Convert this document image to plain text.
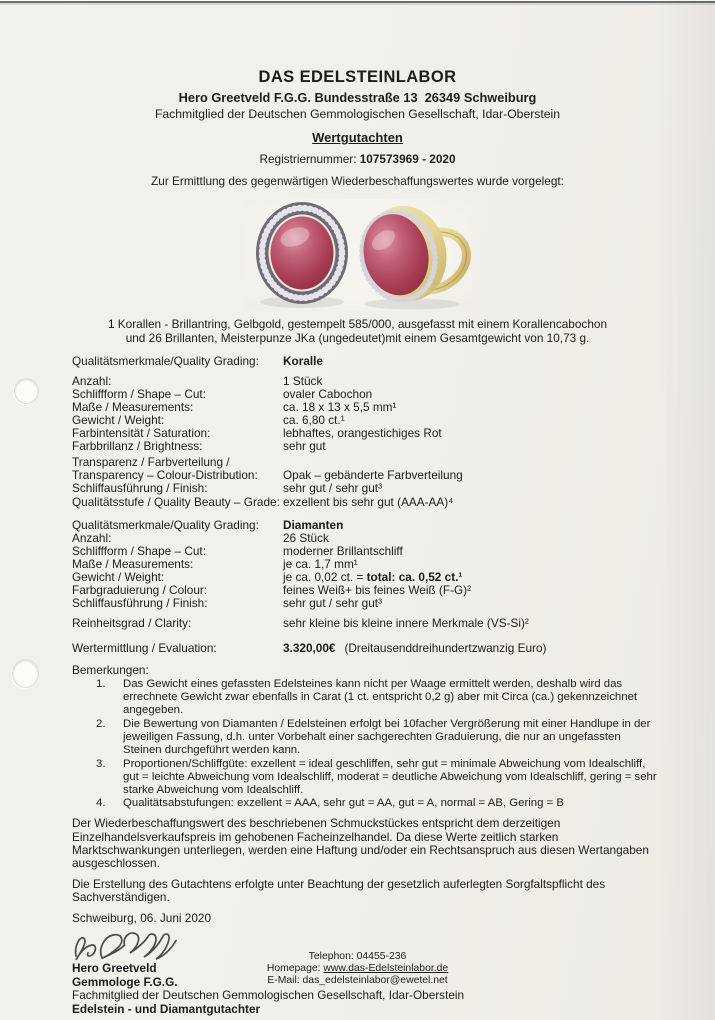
DAS EDELSTEINLABOR
Hero Greetveld F.G.G. Bundesstraße 13  26349 Schweiburg
Fachmitglied der Deutschen Gemmologischen Gesellschaft, Idar-Oberstein
Wertgutachten
Registriernummer: 107573969 - 2020
Zur Ermittlung des gegenwärtigen Wiederbeschaffungswertes wurde vorgelegt:
1 Korallen - Brillantring, Gelbgold, gestempelt 585/000, ausgefasst mit einem Korallencabochon
und 26 Brillanten, Meisterpunze JKa (ungedeutet)mit einem Gesamtgewicht von 10,73 g.
Qualitätsmerkmale/Quality Grading:	Koralle
Anzahl:	1 Stück
Schliffform / Shape – Cut:	ovaler Cabochon
Maße / Measurements:	ca. 18 x 13 x 5,5 mm¹
Gewicht / Weight:	ca. 6,80 ct.¹
Farbintensität / Saturation:	lebhaftes, orangestichiges Rot
Farbbrillanz / Brightness:	sehr gut
Transparenz / Farbverteilung /
Transparency – Colour-Distribution:	Opak – gebänderte Farbverteilung
Schliffausführung / Finish:	sehr gut / sehr gut³
Qualitätsstufe / Quality Beauty – Grade: exzellent bis sehr gut (AAA-AA)⁴
Qualitätsmerkmale/Quality Grading:	Diamanten
Anzahl:	26 Stück
Schliffform / Shape – Cut:	moderner Brillantschliff
Maße / Measurements:	je ca. 1,7 mm¹
Gewicht / Weight:	je ca. 0,02 ct. = total: ca. 0,52 ct.¹
Farbgraduierung / Colour:	feines Weiß+ bis feines Weiß (F-G)²
Schliffausführung / Finish:	sehr gut / sehr gut³
Reinheitsgrad / Clarity:	sehr kleine bis kleine innere Merkmale (VS-Si)²
Wertermittlung / Evaluation:	3.320,00€ (Dreitausenddreihundertzwanzig Euro)
Bemerkungen:
1.	Das Gewicht eines gefassten Edelsteines kann nicht per Waage ermittelt werden, deshalb wird das errechnete Gewicht zwar ebenfalls in Carat (1 ct. entspricht 0,2 g) aber mit Circa (ca.) gekennzeichnet angegeben.
2.	Die Bewertung von Diamanten / Edelsteinen erfolgt bei 10facher Vergrößerung mit einer Handlupe in der jeweiligen Fassung, d.h. unter Vorbehalt einer sachgerechten Graduierung, die nur an ungefassten Steinen durchgeführt werden kann.
3.	Proportionen/Schliffgüte: exzellent = ideal geschliffen, sehr gut = minimale Abweichung vom Idealschliff, gut = leichte Abweichung vom Idealschliff, moderat = deutliche Abweichung vom Idealschliff, gering = sehr starke Abweichung vom Idealschliff.
4.	Qualitätsabstufungen: exzellent = AAA, sehr gut = AA, gut = A, normal = AB, Gering = B

Der Wiederbeschaffungswert des beschriebenen Schmuckstückes entspricht dem derzeitigen Einzelhandelsverkaufspreis im gehobenen Facheinzelhandel. Da diese Werte zeitlich starken Marktschwankungen unterliegen, werden eine Haftung und/oder ein Rechtsanspruch aus diesen Wertangaben ausgeschlossen.

Die Erstellung des Gutachtens erfolgte unter Beachtung der gesetzlich auferlegten Sorgfaltspflicht des Sachverständigen.

Schweiburg, 06. Juni 2020
Hero Greetveld
Gemmologe F.G.G.
Fachmitglied der Deutschen Gemmologischen Gesellschaft, Idar-Oberstein
Edelstein - und Diamantgutachter
Telephon: 04455-236
Homepage: www.das-Edelsteinlabor.de
E-Mail: das_edelsteinlabor@ewetel.net
